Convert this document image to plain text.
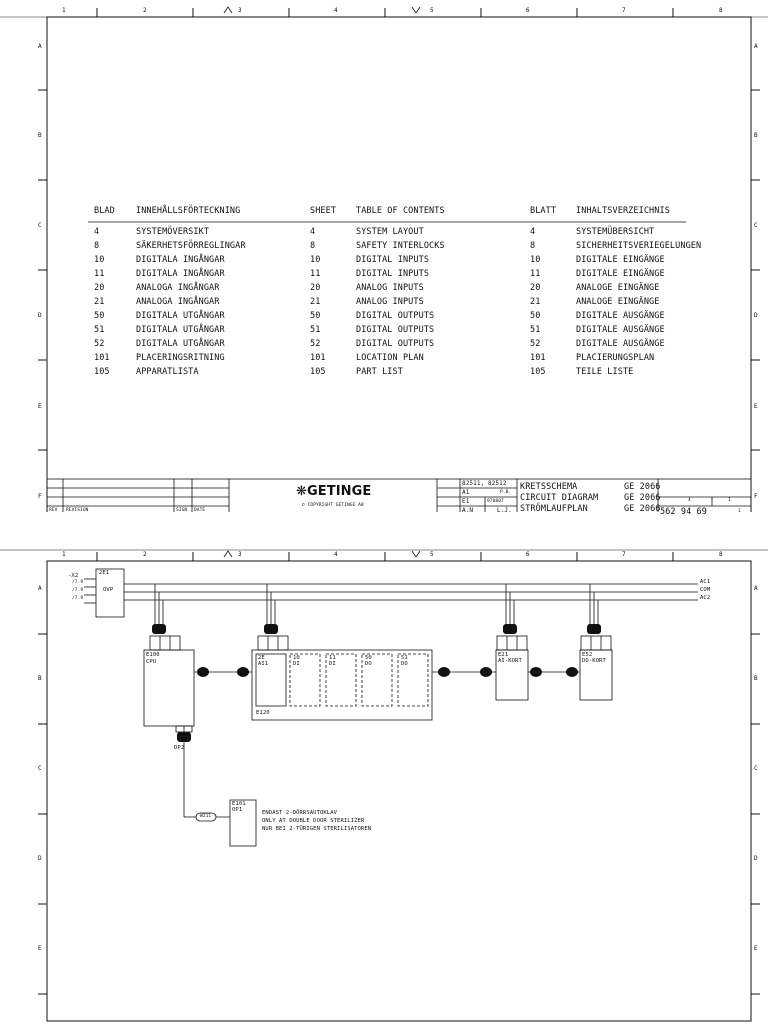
1	2	3	4	5	6	7	8
A
B
C
D
E
F
A
B
C
D
E
F
BLAD INNEHÅLLSFÖRTECKNING	SHEET TABLE OF CONTENTS	BLATT INHALTSVERZEICHNIS
4	SYSTEMÖVERSIKT	4	SYSTEM LAYOUT	4	SYSTEMÜBERSICHT
8	SÄKERHETSFÖRREGLINGAR	8	SAFETY INTERLOCKS	8	SICHERHEITSVERIEGELUNGEN
10	DIGITALA INGÅNGAR	10	DIGITAL INPUTS	10	DIGITALE EINGÄNGE
11	DIGITALA INGÅNGAR	11	DIGITAL INPUTS	11	DIGITALE EINGÄNGE
20	ANALOGA INGÅNGAR	20	ANALOG INPUTS	20	ANALOGE EINGÄNGE
21	ANALOGA INGÅNGAR	21	ANALOG INPUTS	21	ANALOGE EINGÄNGE
50	DIGITALA UTGÅNGAR	50	DIGITAL OUTPUTS	50	DIGITALE AUSGÄNGE
51	DIGITALA UTGÅNGAR	51	DIGITAL OUTPUTS	51	DIGITALE AUSGÄNGE
52	DIGITALA UTGÅNGAR	52	DIGITAL OUTPUTS	52	DIGITALE AUSGÄNGE
101	PLACERINGSRITNING	101	LOCATION PLAN	101	PLACIERUNGSPLAN
105	APPARATLISTA	105	PART LIST	105	TEILE LISTE
REV REVISION	SIGN DATE
❋GETINGE
© COPYRIGHT GETINGE AB
82511, 82512
A1
E1
A.N	L.J.
970807
P.B.
KRETSSCHEMA	GE 2066
CIRCUIT DIAGRAM	GE 2066
STRÖMLAUFPLAN	GE 2066
4	1
562 94 69	1
1	2	3	4	5	6	7	8
A
B
C
D
E
A
B
C
D
E
-X2
/7.9
/7.9
/7.9
2E1
OVP
AC1
COM
AC2
E100
CPU
2E
AI1
10
DI
11
DI
50
DO
51
DO
E120
E21
AI-KORT
E52
DO-KORT
DP2
W211
E101
OP1	ENDAST 2-DÖRRSAUTOKLAV
ONLY AT DOUBLE DOOR STERILIZER
NUR BEI 2-TÜRIGEN STERILISATOREN
